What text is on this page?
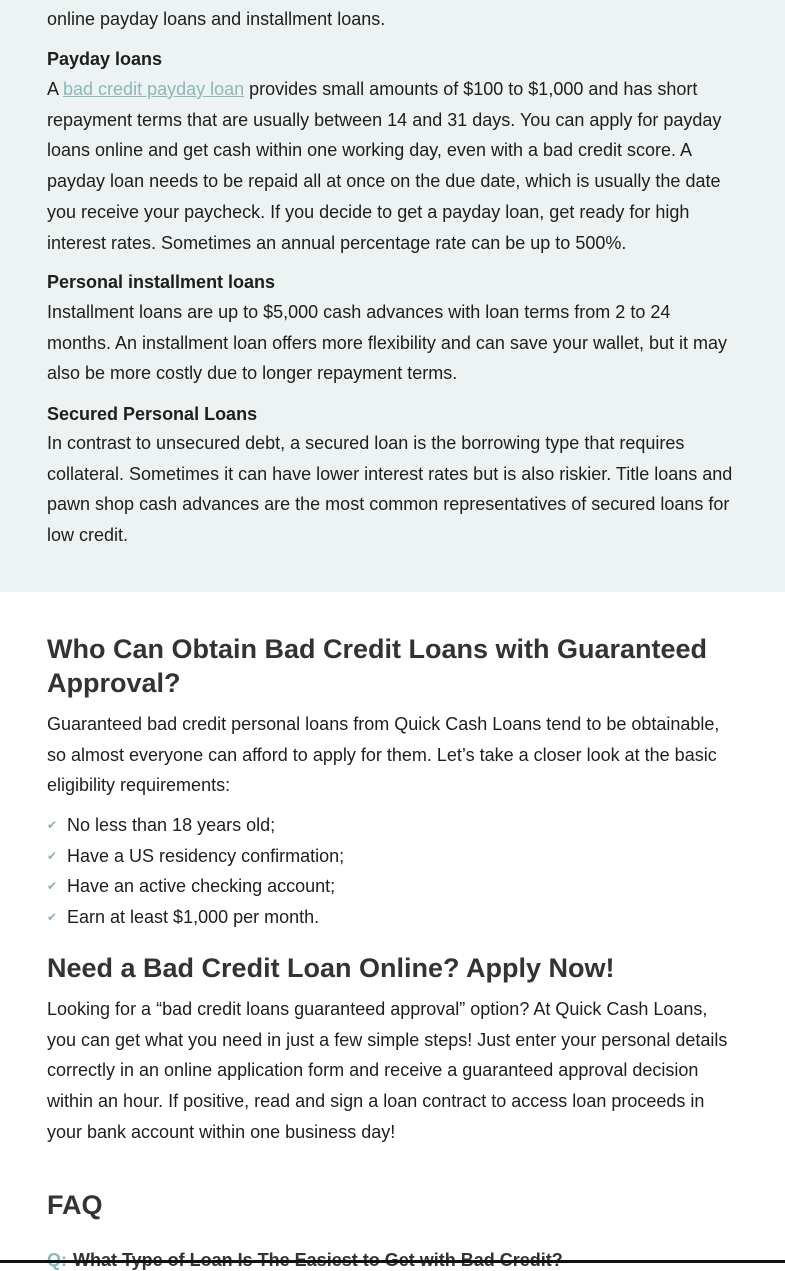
online payday loans and installment loans.

Payday loans

A bad credit payday loan provides small amounts of $100 to $1,000 and has short repayment terms that are usually between 14 and 31 days. You can apply for payday loans online and get cash within one working day, even with a bad credit score. A payday loan needs to be repaid all at once on the due date, which is usually the date you receive your paycheck. If you decide to get a payday loan, get ready for high interest rates. Sometimes an annual percentage rate can be up to 500%.

Personal installment loans

Installment loans are up to $5,000 cash advances with loan terms from 2 to 24 months. An installment loan offers more flexibility and can save your wallet, but it may also be more costly due to longer repayment terms.

Secured Personal Loans

In contrast to unsecured debt, a secured loan is the borrowing type that requires collateral. Sometimes it can have lower interest rates but is also riskier. Title loans and pawn shop cash advances are the most common representatives of secured loans for low credit.

Who Can Obtain Bad Credit Loans with Guaranteed Approval?

Guaranteed bad credit personal loans from Quick Cash Loans tend to be obtainable, so almost everyone can afford to apply for them. Let’s take a closer look at the basic eligibility requirements:

✔ No less than 18 years old;
✔ Have a US residency confirmation;
✔ Have an active checking account;
✔ Earn at least $1,000 per month.
Need a Bad Credit Loan Online? Apply Now!

Looking for a “bad credit loans guaranteed approval” option? At Quick Cash Loans, you can get what you need in just a few simple steps! Just enter your personal details correctly in an online application form and receive a guaranteed approval decision within an hour. If positive, read and sign a loan contract to access loan proceeds in your bank account within one business day!

FAQ
